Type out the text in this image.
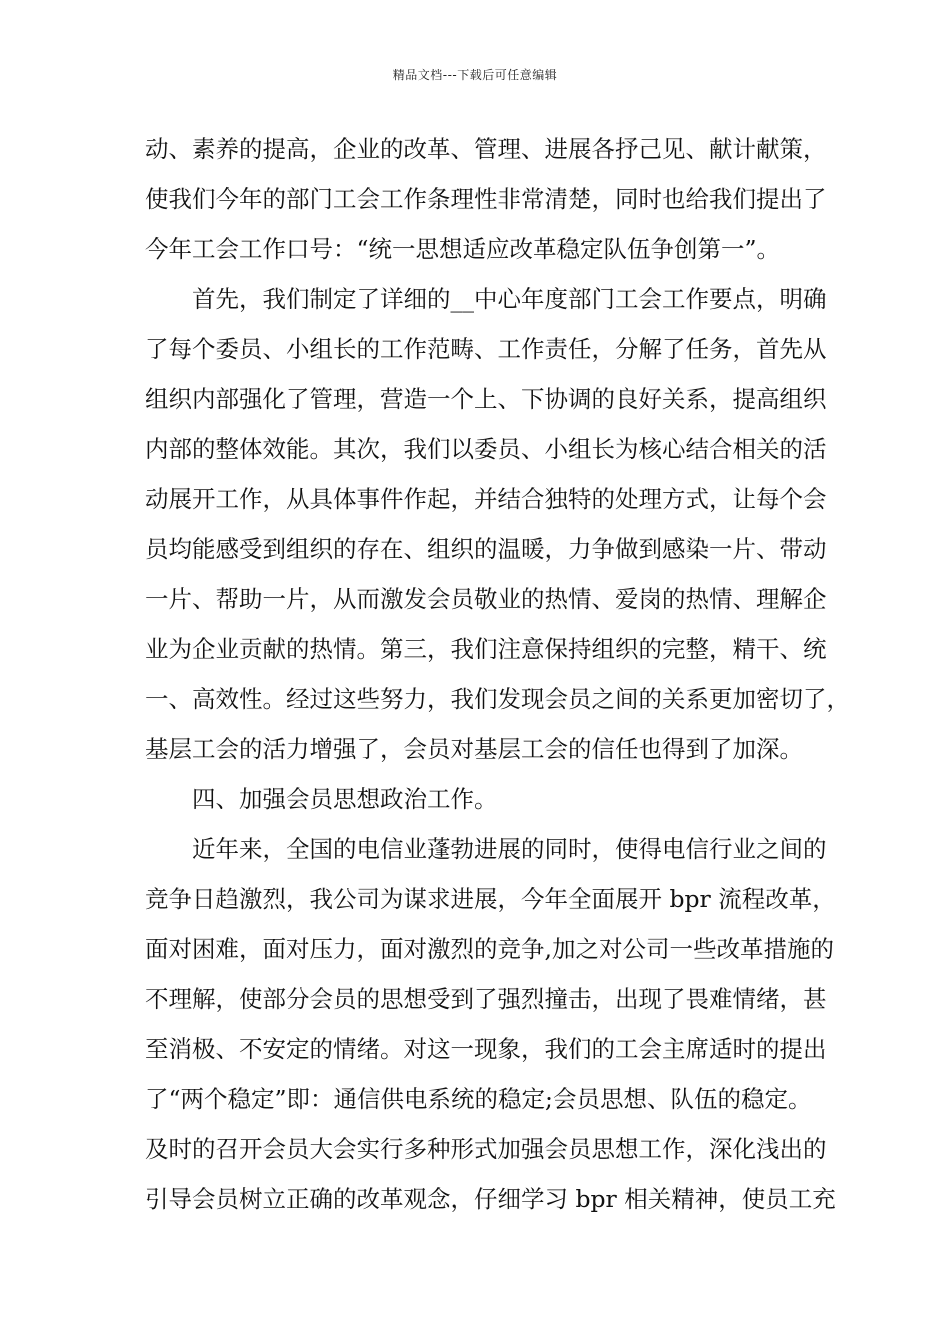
精品文档---下载后可任意编辑
动、素养的提高，企业的改革、管理、进展各抒己见、献计献策，
使我们今年的部门工会工作条理性非常清楚，同时也给我们提出了
今年工会工作口号：“统一思想适应改革稳定队伍争创第一”。
首先，我们制定了详细的__中心年度部门工会工作要点，明确
了每个委员、小组长的工作范畴、工作责任，分解了任务，首先从
组织内部强化了管理，营造一个上、下协调的良好关系，提高组织
内部的整体效能。其次，我们以委员、小组长为核心结合相关的活
动展开工作，从具体事件作起，并结合独特的处理方式，让每个会
员均能感受到组织的存在、组织的温暖，力争做到感染一片、带动
一片、帮助一片，从而激发会员敬业的热情、爱岗的热情、理解企
业为企业贡献的热情。第三，我们注意保持组织的完整，精干、统
一、高效性。经过这些努力，我们发现会员之间的关系更加密切了，
基层工会的活力增强了，会员对基层工会的信任也得到了加深。
四、加强会员思想政治工作。
近年来，全国的电信业蓬勃进展的同时，使得电信行业之间的
竞争日趋激烈，我公司为谋求进展，今年全面展开 bpr 流程改革，
面对困难，面对压力，面对激烈的竞争,加之对公司一些改革措施的
不理解，使部分会员的思想受到了强烈撞击，出现了畏难情绪，甚
至消极、不安定的情绪。对这一现象，我们的工会主席适时的提出
了“两个稳定”即：通信供电系统的稳定;会员思想、队伍的稳定。
及时的召开会员大会实行多种形式加强会员思想工作，深化浅出的
引导会员树立正确的改革观念，仔细学习 bpr 相关精神，使员工充
